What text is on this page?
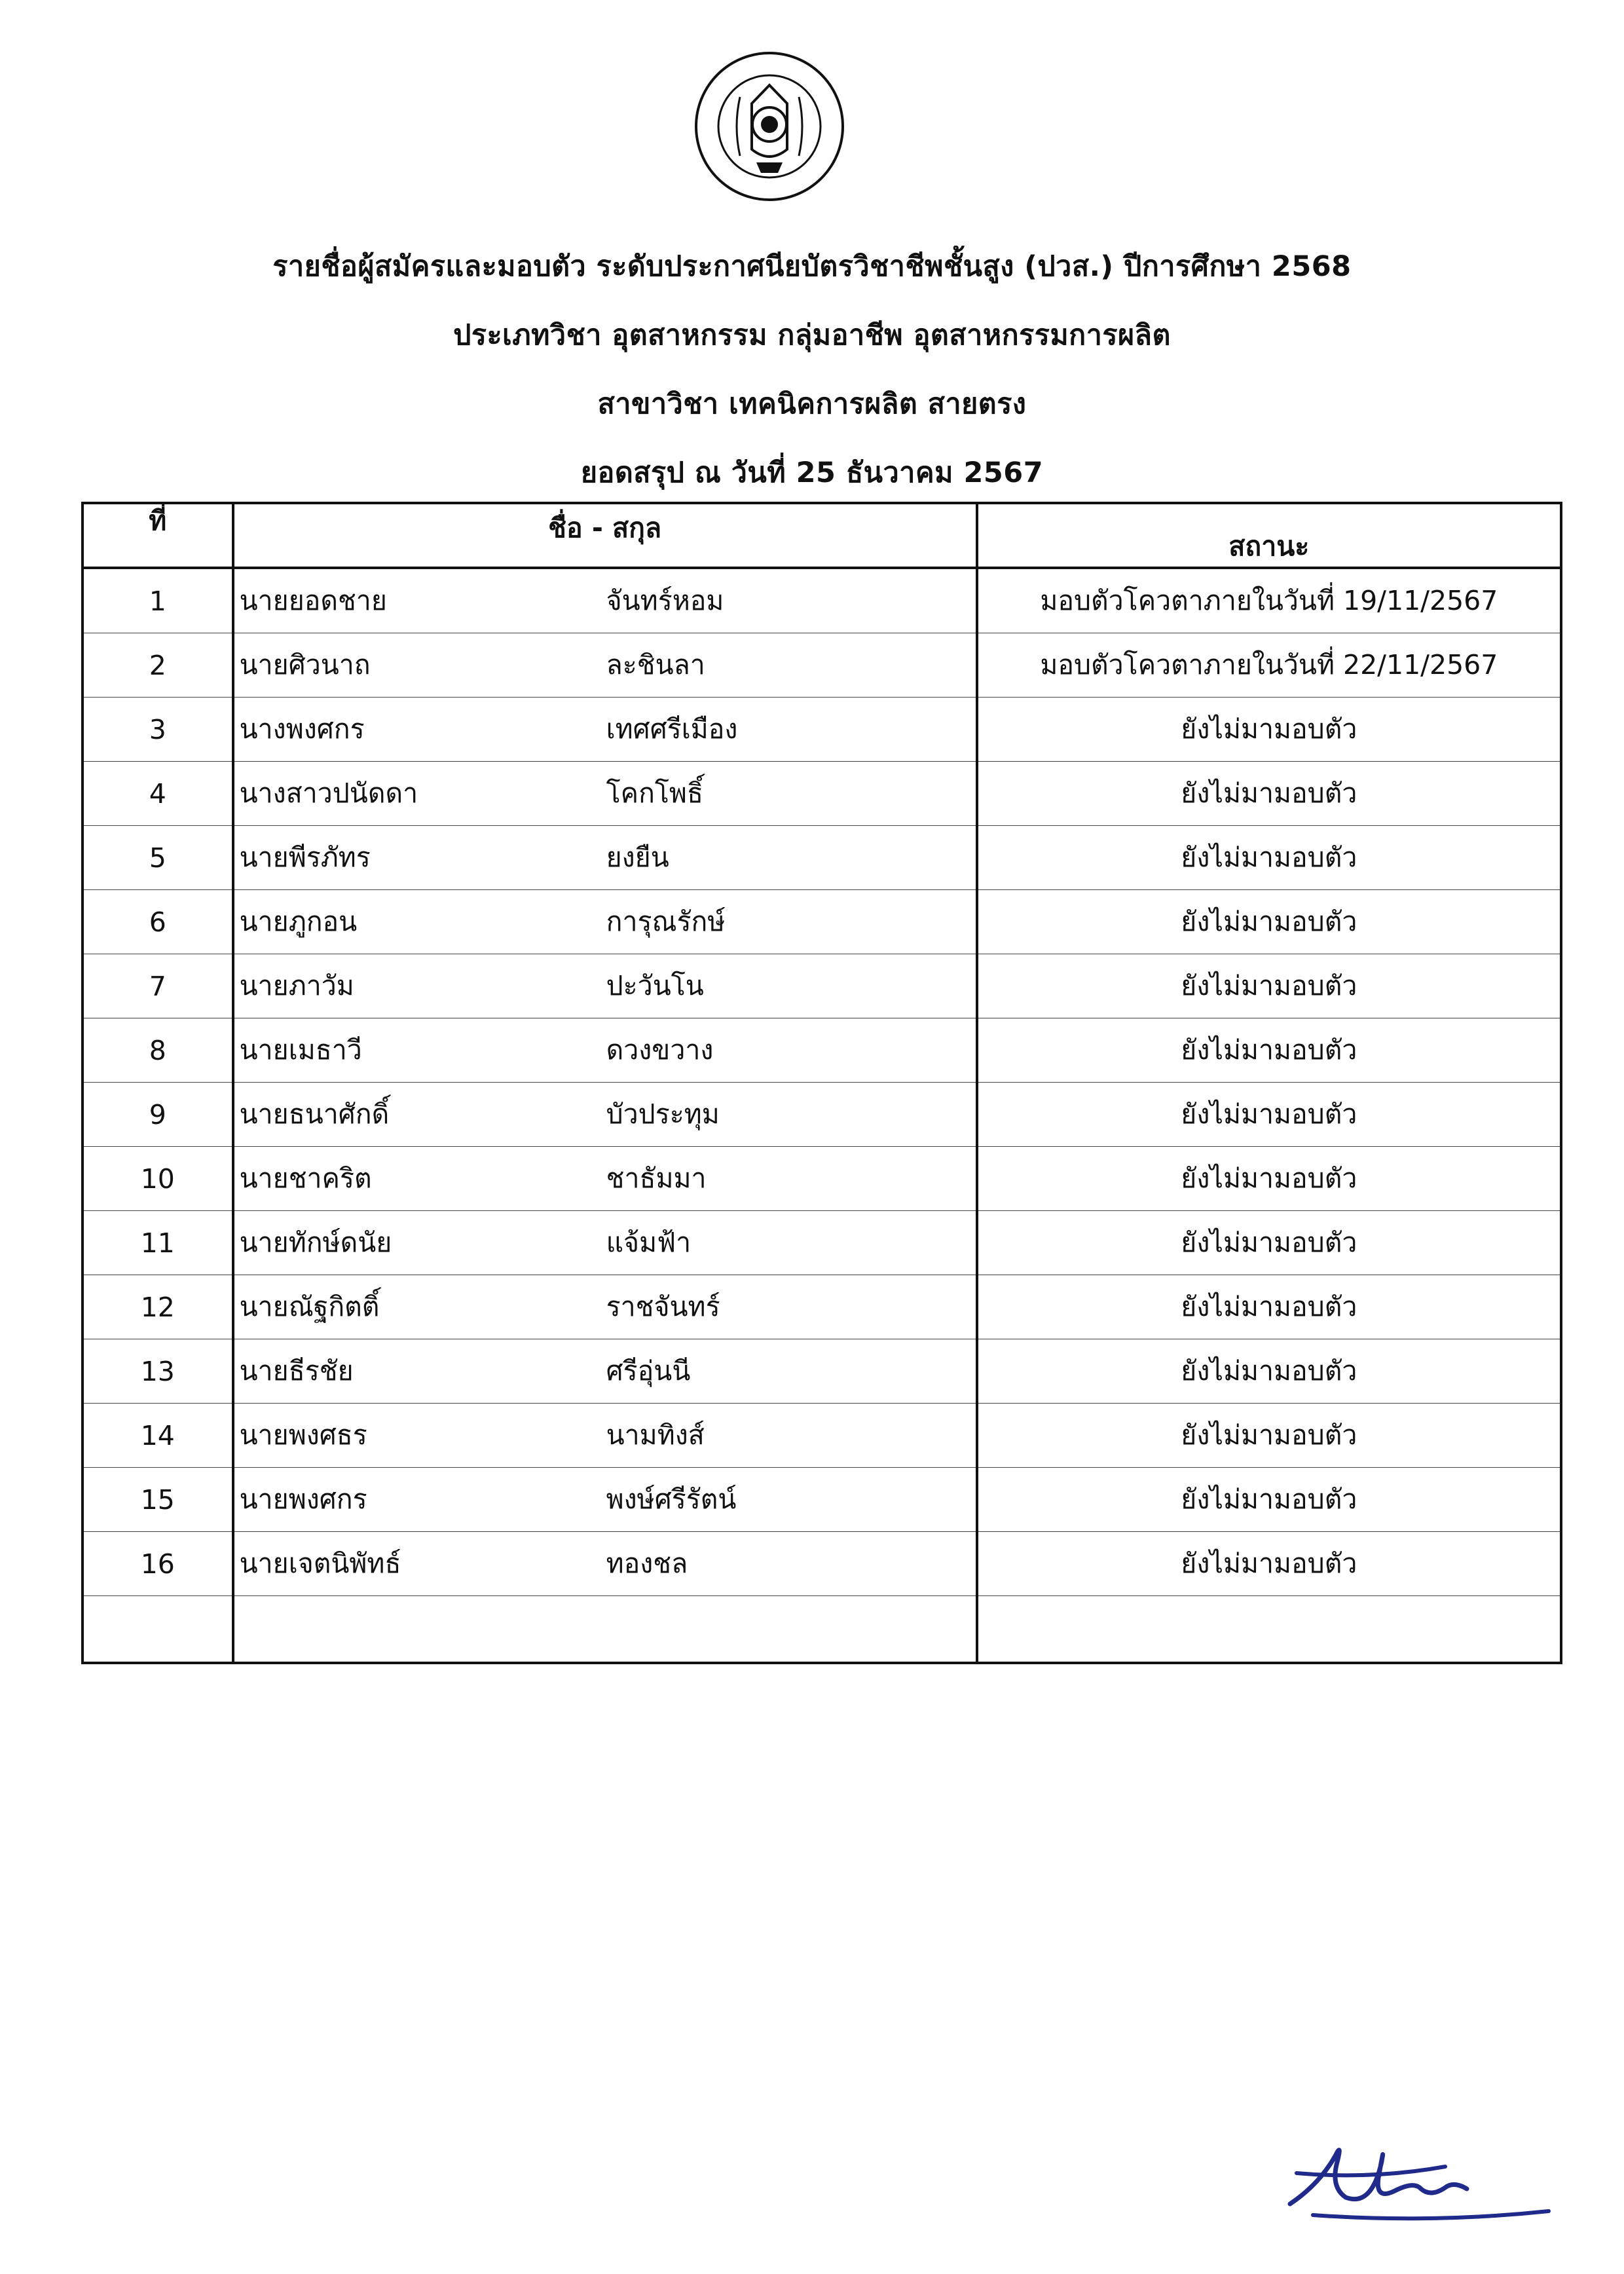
รายชื่อผู้สมัครและมอบตัว ระดับประกาศนียบัตรวิชาชีพชั้นสูง (ปวส.) ปีการศึกษา 2568
ประเภทวิชา อุตสาหกรรม กลุ่มอาชีพ อุตสาหกรรมการผลิต
สาขาวิชา เทคนิคการผลิต สายตรง
ยอดสรุป ณ วันที่ 25 ธันวาคม 2567
ที่	ชื่อ - สกุล	สถานะ
1	นายยอดชาย จันทร์หอม	มอบตัวโควตาภายในวันที่ 19/11/2567
2	นายศิวนาถ ละชินลา	มอบตัวโควตาภายในวันที่ 22/11/2567
3	นางพงศกร เทศศรีเมือง	ยังไม่มามอบตัว
4	นางสาวปนัดดา โคกโพธิ์	ยังไม่มามอบตัว
5	นายพีรภัทร ยงยืน	ยังไม่มามอบตัว
6	นายภูกอน การุณรักษ์	ยังไม่มามอบตัว
7	นายภาวัม ปะวันโน	ยังไม่มามอบตัว
8	นายเมธาวี ดวงขวาง	ยังไม่มามอบตัว
9	นายธนาศักดิ์ บัวประทุม	ยังไม่มามอบตัว
10	นายชาคริต ชาธัมมา	ยังไม่มามอบตัว
11	นายทักษ์ดนัย แจ้มฟ้า	ยังไม่มามอบตัว
12	นายณัฐกิตติ์ ราชจันทร์	ยังไม่มามอบตัว
13	นายธีรชัย ศรีอุ่นนี	ยังไม่มามอบตัว
14	นายพงศธร นามทิงส์	ยังไม่มามอบตัว
15	นายพงศกร พงษ์ศรีรัตน์	ยังไม่มามอบตัว
16	นายเจตนิพัทธ์ ทองชล	ยังไม่มามอบตัว
